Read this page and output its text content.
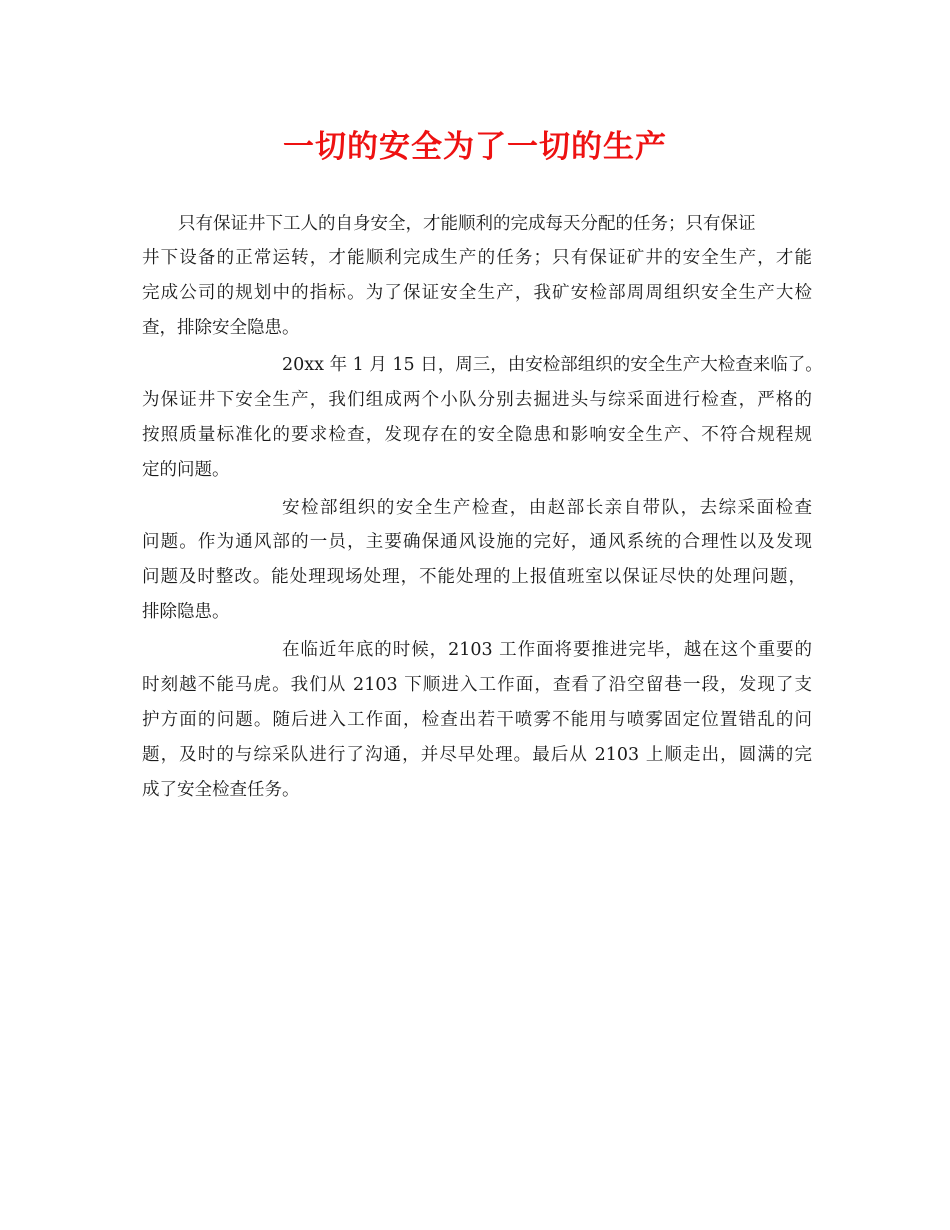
一切的安全为了一切的生产

只有保证井下工人的自身安全，才能顺利的完成每天分配的任务；只有保证

井下设备的正常运转，才能顺利完成生产的任务；只有保证矿井的安全生产，才能

完成公司的规划中的指标。为了保证安全生产，我矿安检部周周组织安全生产大检

查，排除安全隐患。

20xx 年 1 月 15 日，周三，由安检部组织的安全生产大检查来临了。

为保证井下安全生产，我们组成两个小队分别去掘进头与综采面进行检查，严格的

按照质量标准化的要求检查，发现存在的安全隐患和影响安全生产、不符合规程规

定的问题。

安检部组织的安全生产检查，由赵部长亲自带队，去综采面检查

问题。作为通风部的一员，主要确保通风设施的完好，通风系统的合理性以及发现

问题及时整改。能处理现场处理，不能处理的上报值班室以保证尽快的处理问题，

排除隐患。

在临近年底的时候，2103 工作面将要推进完毕，越在这个重要的

时刻越不能马虎。我们从 2103 下顺进入工作面，查看了沿空留巷一段，发现了支

护方面的问题。随后进入工作面，检查出若干喷雾不能用与喷雾固定位置错乱的问

题，及时的与综采队进行了沟通，并尽早处理。最后从 2103 上顺走出，圆满的完

成了安全检查任务。
